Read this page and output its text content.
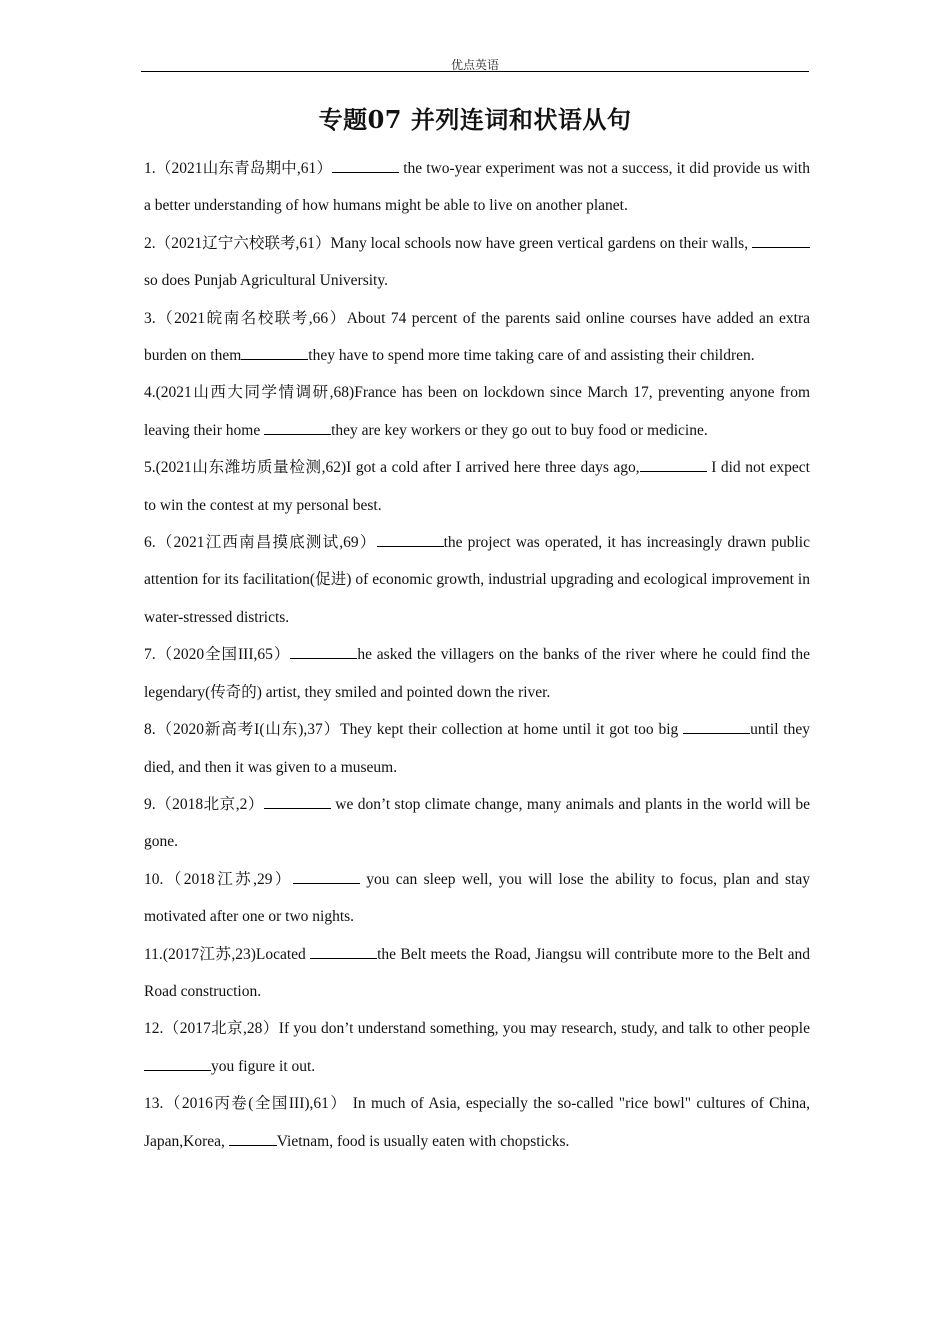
优点英语
专题07 并列连词和状语从句
1.（2021山东青岛期中,61）	the two-year experiment was not a success, it did provide us with a better understanding of how humans might be able to live on another planet.
2.（2021辽宁六校联考,61）Many local schools now have green vertical gardens on their walls, so does Punjab Agricultural University.
3.（2021皖南名校联考,66）About 74 percent of the parents said online courses have added an extra burden on them	they have to spend more time taking care of and assisting their children.
4.(2021山西大同学情调研,68)France has been on lockdown since March 17, preventing anyone from leaving their home	they are key workers or they go out to buy food or medicine.
5.(2021山东潍坊质量检测,62)I got a cold after I arrived here three days ago,	I did not expect to win the contest at my personal best.
6.（2021江西南昌摸底测试,69）	the project was operated, it has increasingly drawn public attention for its facilitation(促进) of economic growth, industrial upgrading and ecological improvement in water-stressed districts.
7.（2020全国III,65）	he asked the villagers on the banks of the river where he could find the legendary(传奇的) artist, they smiled and pointed down the river.
8.（2020新高考I(山东),37）They kept their collection at home until it got too big	until they died, and then it was given to a museum.
9.（2018北京,2）	we don’t stop climate change, many animals and plants in the world will be gone.
10.（2018江苏,29）	you can sleep well, you will lose the ability to focus, plan and stay motivated after one or two nights.
11.(2017江苏,23)Located	the Belt meets the Road, Jiangsu will contribute more to the Belt and Road construction.
12.（2017北京,28）If you don’t understand something, you may research, study, and talk to other people you figure it out.
13.（2016丙卷(全国III),61） In much of Asia, especially the so-called "rice bowl" cultures of China, Japan,Korea,	Vietnam, food is usually eaten with chopsticks.
